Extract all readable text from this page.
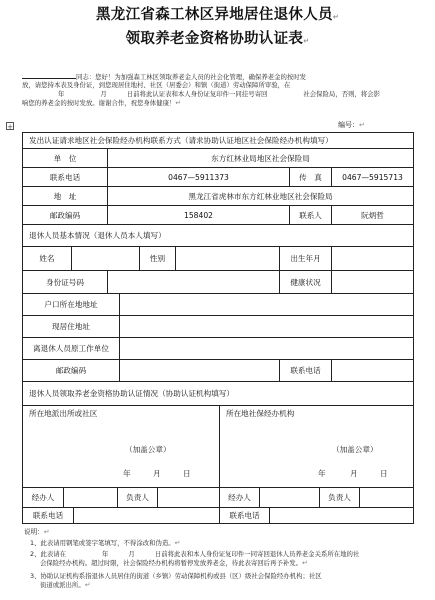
黑龙江省森工林区异地居住退休人员↵
领取养老金资格协助认证表↵
同志：您好！为加强森工林区领取养老金人员的社会化管理，确保养老金的按时发
放，请您持本表及身份证，到您现居住地村、社区（居委会）和镇（街道）劳动保障所审验，在
年	月	日前将此认证表和本人身份证复印件一同挂号寄回	社会保险局，否则，将会影
响您的养老金的按时发放。谢谢合作，祝您身体健康！↵
+	编号：↵
发出认证请求地区社会保险经办机构联系方式（请求协助认证地区社会保险经办机构填写）
单　位	东方红林业局地区社会保险局
联系电话	0467—5911373	传　真	0467—5915713
地　址	黑龙江省虎林市东方红林业地区社会保险局
邮政编码	158402	联系人	阮炳哲
退休人员基本情况（退休人员本人填写）
姓名	性别	出生年月
身份证号码	健康状况
户口所在地地址
现居住地址
离退休人员原工作单位
邮政编码	联系电话
退休人员领取养老金资格协助认证情况（协助认证机构填写）
所在地派出所或社区
（加盖公章）
年	月	日
所在地社保经办机构
（加盖公章）
年	月	日
经办人	负责人	经办人	负责人
联系电话	联系电话
说明：↵
1、此表请用钢笔或签字笔填写，不得涂改和伪造。↵
2、此表请在	年	月	日前将此表和本人身份证复印件一同寄回退休人员养老金关系所在地的社
会保险经办机构。超过时限，社会保险经办机构将暂停发放养老金，待此表寄回后再予补发。↵
3、协助认证机构系指退休人员居住的街道（乡镇）劳动保障机构或县（区）级社会保险经办机构；社区
街道或派出所。↵
